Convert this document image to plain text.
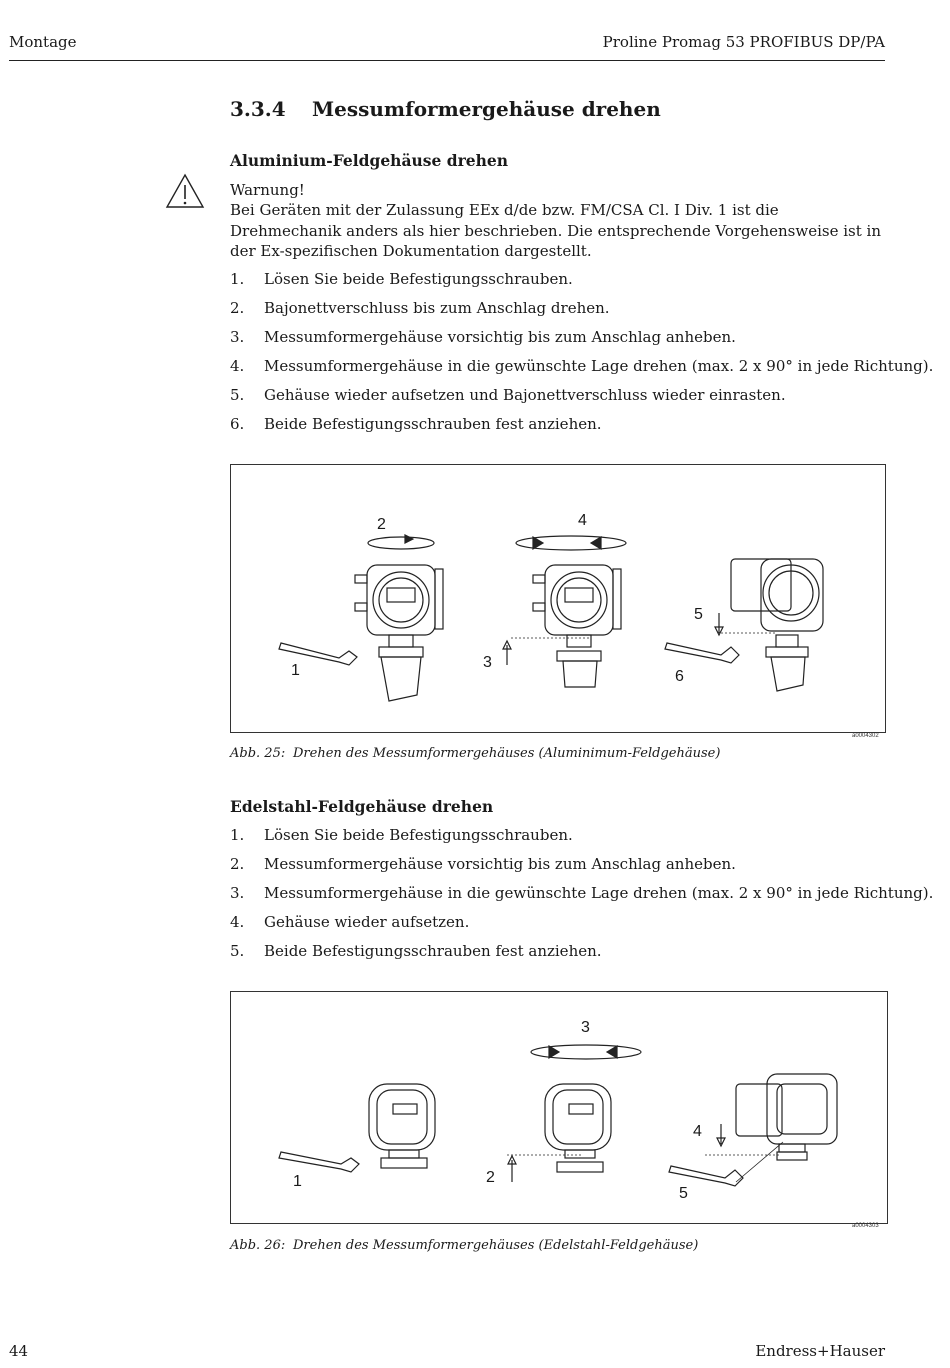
Montage	Proline Promag 53 PROFIBUS DP/PA
3.3.4 Messumformergehäuse drehen
Aluminium-Feldgehäuse drehen
Warnung!
Bei Geräten mit der Zulassung EEx d/de bzw. FM/CSA Cl. I Div. 1 ist die Drehmechanik anders als hier beschrieben. Die entsprechende Vorgehensweise ist in der Ex-spezifischen Dokumentation dargestellt.
1. Lösen Sie beide Befestigungsschrauben.
2. Bajonettverschluss bis zum Anschlag drehen.
3. Messumformergehäuse vorsichtig bis zum Anschlag anheben.
4. Messumformergehäuse in die gewünschte Lage drehen (max. 2 x 90° in jede Richtung).
5. Gehäuse wieder aufsetzen und Bajonettverschluss wieder einrasten.
6. Beide Befestigungsschrauben fest anziehen.
1
2
3
4
5
6
a0004302
Abb. 25: Drehen des Messumformergehäuses (Aluminimum-Feldgehäuse)
Edelstahl-Feldgehäuse drehen
1. Lösen Sie beide Befestigungsschrauben.
2. Messumformergehäuse vorsichtig bis zum Anschlag anheben.
3. Messumformergehäuse in die gewünschte Lage drehen (max. 2 x 90° in jede Richtung).
4. Gehäuse wieder aufsetzen.
5. Beide Befestigungsschrauben fest anziehen.
1	2
3
4
5
a0004303
Abb. 26: Drehen des Messumformergehäuses (Edelstahl-Feldgehäuse)
44	Endress+Hauser
